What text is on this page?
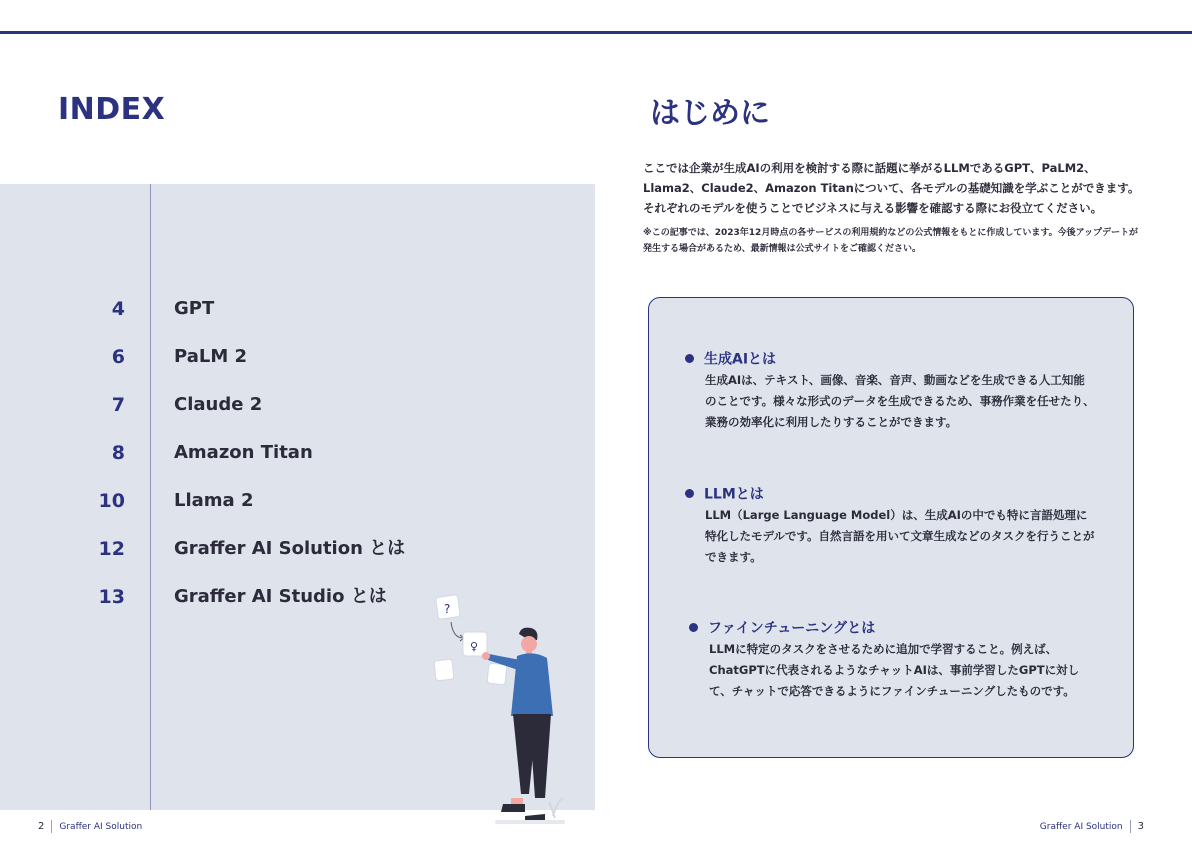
INDEX
4	GPT
6	PaLM 2
7	Claude 2
8	Amazon Titan
10	Llama 2
12	Graffer AI Solution とは
13	Graffer AI Studio とは
?
♀
はじめに

ここでは企業が生成AIの利用を検討する際に話題に挙がるLLMであるGPT、PaLM2、Llama2、Claude2、Amazon Titanについて、各モデルの基礎知識を学ぶことができます。それぞれのモデルを使うことでビジネスに与える影響を確認する際にお役立てください。

※この記事では、2023年12月時点の各サービスの利用規約などの公式情報をもとに作成しています。今後アップデートが発生する場合があるため、最新情報は公式サイトをご確認ください。

生成AIとは

生成AIは、テキスト、画像、音楽、音声、動画などを生成できる人工知能のことです。様々な形式のデータを生成できるため、事務作業を任せたり、業務の効率化に利用したりすることができます。

LLMとは

LLM（Large Language Model）は、生成AIの中でも特に言語処理に特化したモデルです。自然言語を用いて文章生成などのタスクを行うことができます。

ファインチューニングとは

LLMに特定のタスクをさせるために追加で学習すること。例えば、ChatGPTに代表されるようなチャットAIは、事前学習したGPTに対して、チャットで応答できるようにファインチューニングしたものです。

2 Graffer AI Solution	Graffer AI Solution 3
